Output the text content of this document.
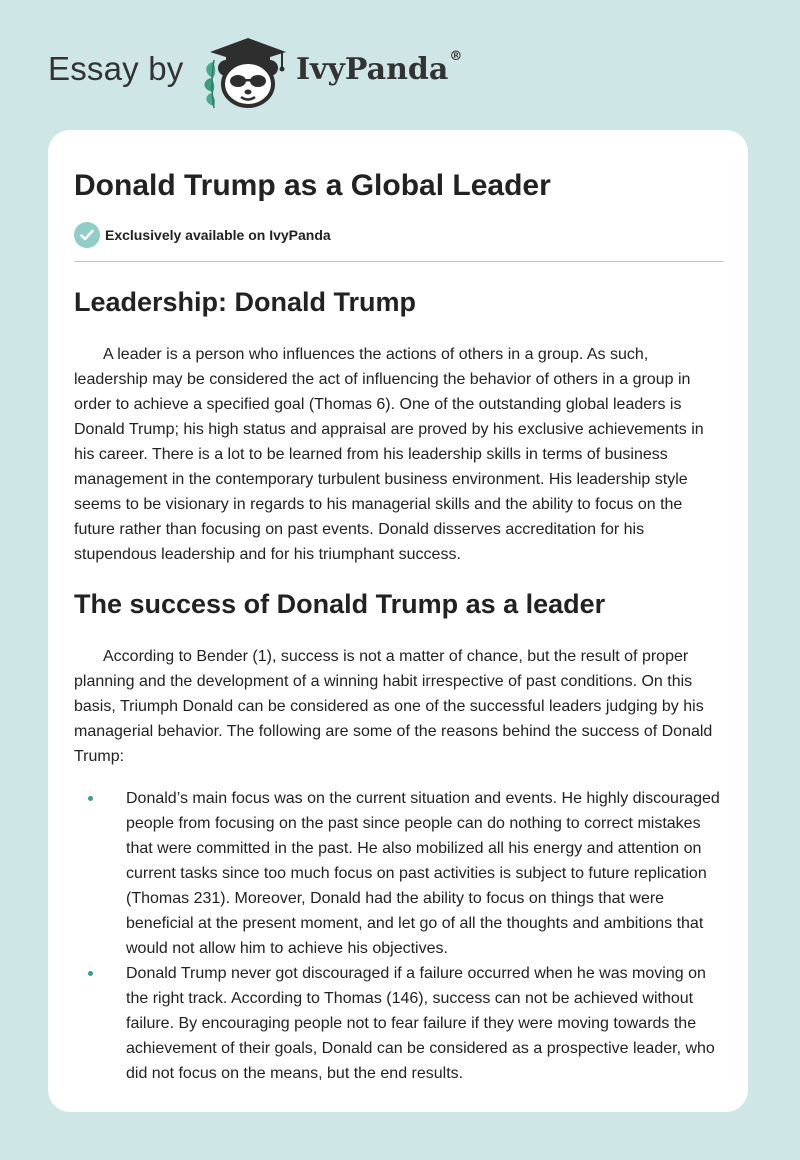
Essay by	IvyPanda®
Donald Trump as a Global Leader
Exclusively available on IvyPanda
Leadership: Donald Trump

A leader is a person who influences the actions of others in a group. As such, leadership may be considered the act of influencing the behavior of others in a group in order to achieve a specified goal (Thomas 6). One of the outstanding global leaders is Donald Trump; his high status and appraisal are proved by his exclusive achievements in his career. There is a lot to be learned from his leadership skills in terms of business management in the contemporary turbulent business environment. His leadership style seems to be visionary in regards to his managerial skills and the ability to focus on the future rather than focusing on past events. Donald disserves accreditation for his stupendous leadership and for his triumphant success.

The success of Donald Trump as a leader

According to Bender (1), success is not a matter of chance, but the result of proper planning and the development of a winning habit irrespective of past conditions. On this basis, Triumph Donald can be considered as one of the successful leaders judging by his managerial behavior. The following are some of the reasons behind the success of Donald Trump:

Donald’s main focus was on the current situation and events. He highly discouraged people from focusing on the past since people can do nothing to correct mistakes that were committed in the past. He also mobilized all his energy and attention on current tasks since too much focus on past activities is subject to future replication (Thomas 231). Moreover, Donald had the ability to focus on things that were beneficial at the present moment, and let go of all the thoughts and ambitions that would not allow him to achieve his objectives.
Donald Trump never got discouraged if a failure occurred when he was moving on the right track. According to Thomas (146), success can not be achieved without failure. By encouraging people not to fear failure if they were moving towards the achievement of their goals, Donald can be considered as a prospective leader, who did not focus on the means, but the end results.
